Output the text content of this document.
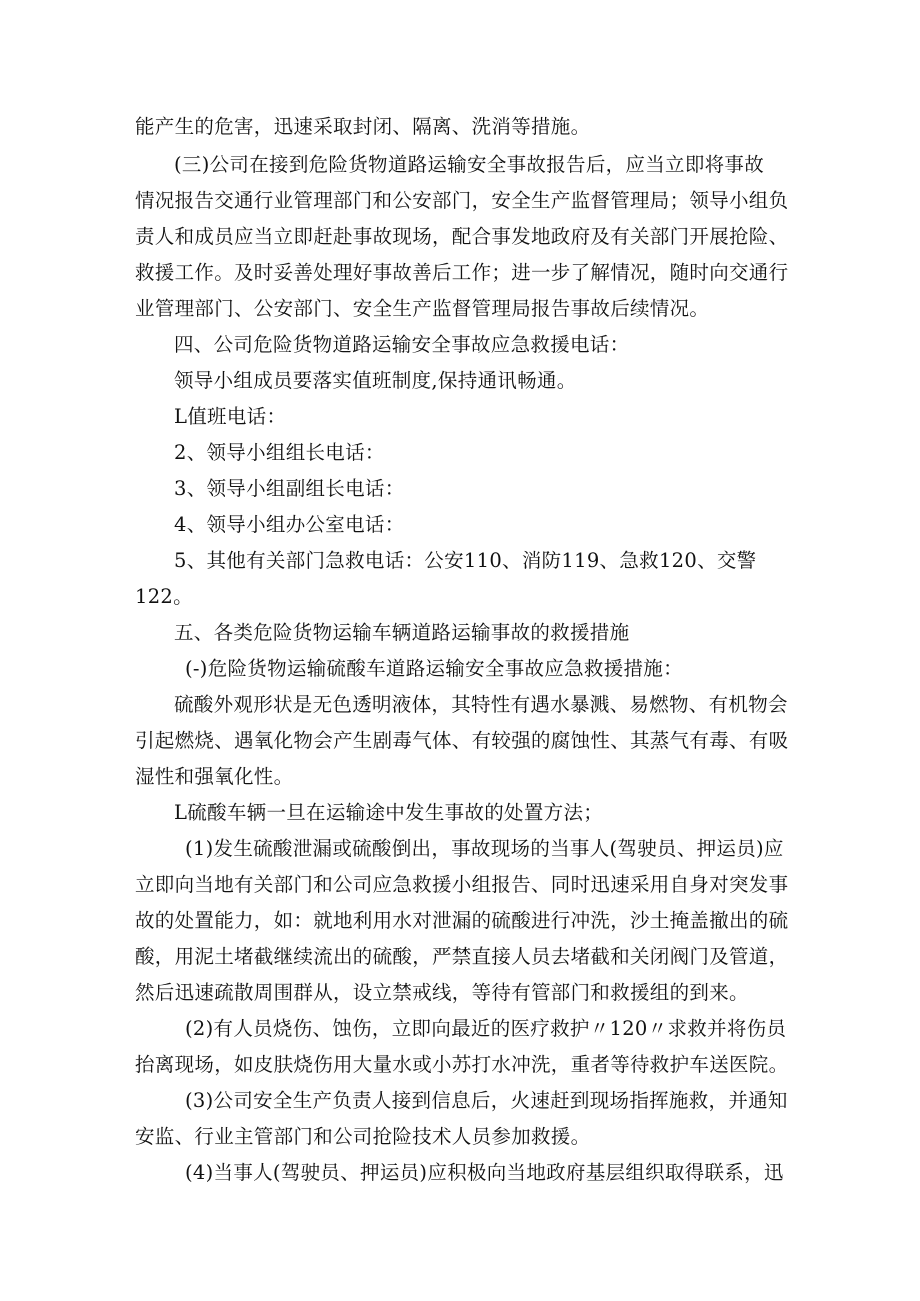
能产生的危害，迅速采取封闭、隔离、洗消等措施。
(三)公司在接到危险货物道路运输安全事故报告后，应当立即将事故
情况报告交通行业管理部门和公安部门，安全生产监督管理局；领导小组负
责人和成员应当立即赶赴事故现场，配合事发地政府及有关部门开展抢险、
救援工作。及时妥善处理好事故善后工作；进一步了解情况，随时向交通行
业管理部门、公安部门、安全生产监督管理局报告事故后续情况。
四、公司危险货物道路运输安全事故应急救援电话：
领导小组成员要落实值班制度,保持通讯畅通。
L值班电话：
2、领导小组组长电话：
3、领导小组副组长电话：
4、领导小组办公室电话：
5、其他有关部门急救电话：公安110、消防119、急救120、交警
122。
五、各类危险货物运输车辆道路运输事故的救援措施
(-)危险货物运输硫酸车道路运输安全事故应急救援措施：
硫酸外观形状是无色透明液体，其特性有遇水暴溅、易燃物、有机物会
引起燃烧、遇氧化物会产生剧毒气体、有较强的腐蚀性、其蒸气有毒、有吸
湿性和强氧化性。
L硫酸车辆一旦在运输途中发生事故的处置方法；
(1)发生硫酸泄漏或硫酸倒出，事故现场的当事人(驾驶员、押运员)应
立即向当地有关部门和公司应急救援小组报告、同时迅速采用自身对突发事
故的处置能力，如：就地利用水对泄漏的硫酸进行冲洗，沙土掩盖撤出的硫
酸，用泥土堵截继续流出的硫酸，严禁直接人员去堵截和关闭阀门及管道，
然后迅速疏散周围群从，设立禁戒线，等待有管部门和救援组的到来。
(2)有人员烧伤、蚀伤，立即向最近的医疗救护〃120〃求救并将伤员
抬离现场，如皮肤烧伤用大量水或小苏打水冲洗，重者等待救护车送医院。
(3)公司安全生产负责人接到信息后，火速赶到现场指挥施救，并通知
安监、行业主管部门和公司抢险技术人员参加救援。
(4)当事人(驾驶员、押运员)应积极向当地政府基层组织取得联系，迅
